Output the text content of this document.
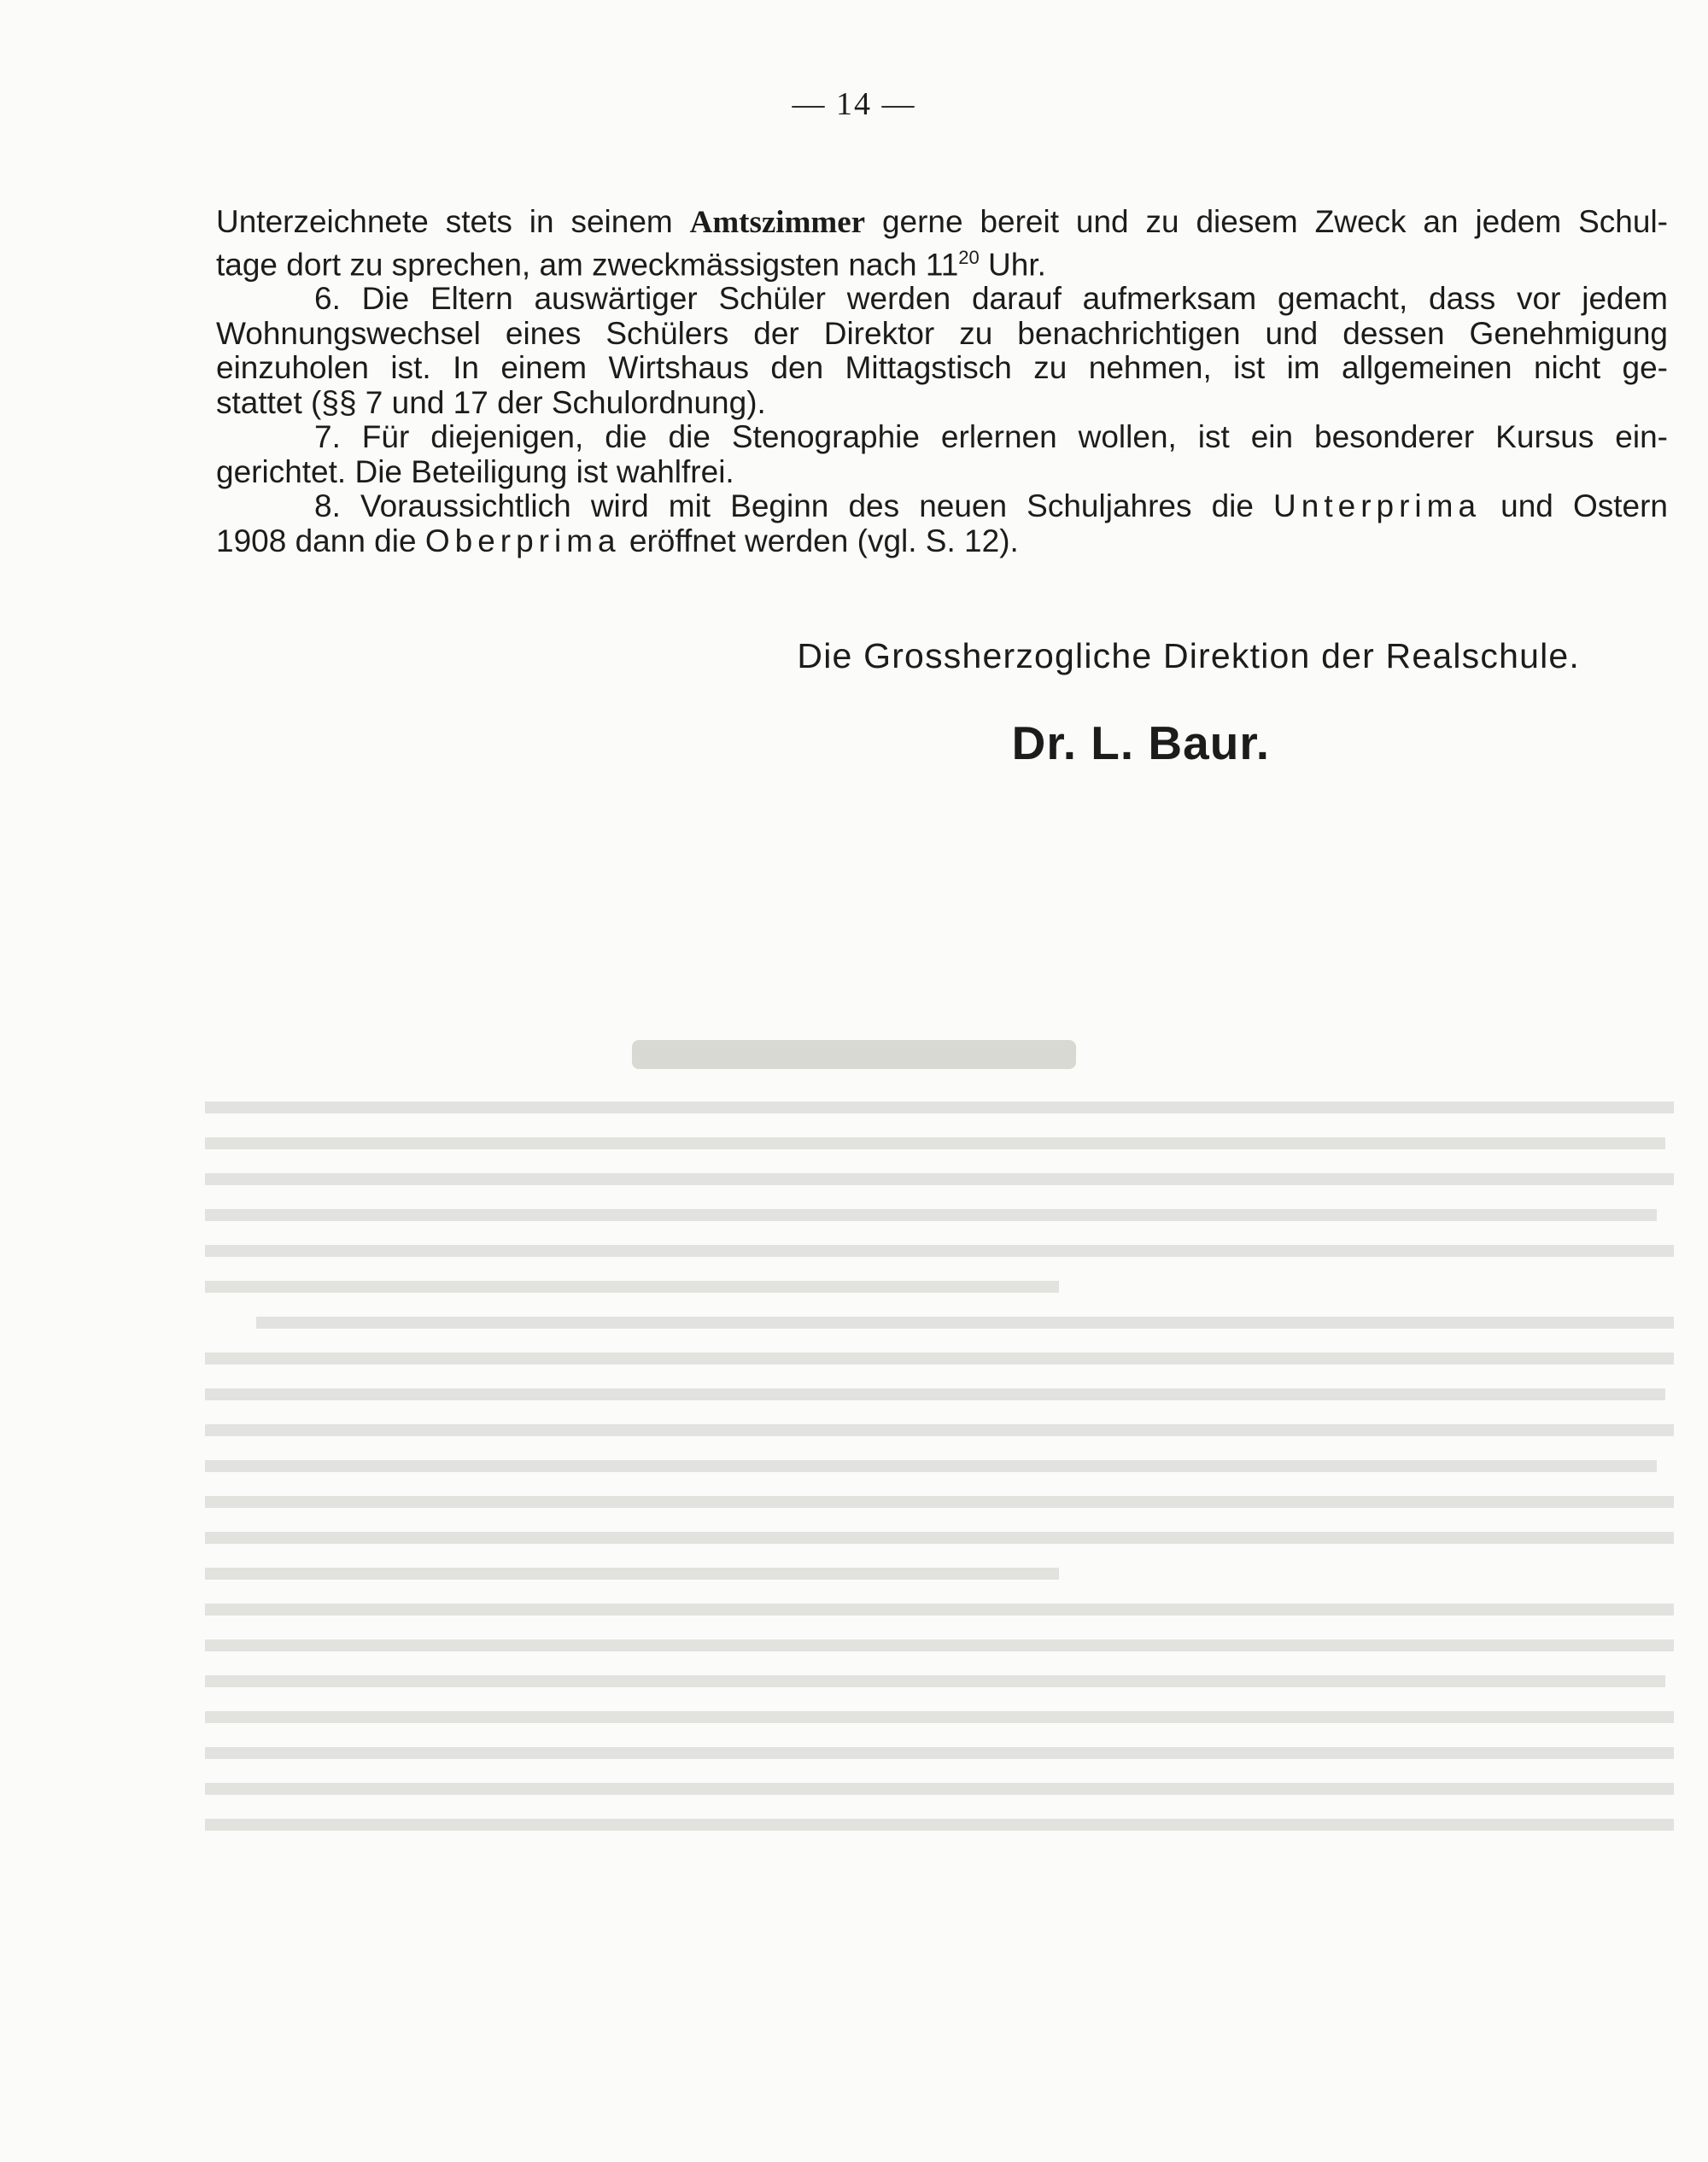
— 14 —
Unterzeichnete stets in seinem Amtszimmer gerne bereit und zu diesem Zweck an jedem Schul-
tage dort zu sprechen, am zweckmässigsten nach $11^{20}$ Uhr.
6. Die Eltern auswärtiger Schüler werden darauf aufmerksam gemacht, dass vor jedem
Wohnungswechsel eines Schülers der Direktor zu benachrichtigen und dessen Genehmigung
einzuholen ist. In einem Wirtshaus den Mittagstisch zu nehmen, ist im allgemeinen nicht ge-
stattet (§§ 7 und 17 der Schulordnung).
7. Für diejenigen, die die Stenographie erlernen wollen, ist ein besonderer Kursus ein-
gerichtet. Die Beteiligung ist wahlfrei.
8. Voraussichtlich wird mit Beginn des neuen Schuljahres die Unterprima und Ostern
1908 dann die Oberprima eröffnet werden (vgl. S. 12).
Die Grossherzogliche Direktion der Realschule.
Dr. L. Baur.
